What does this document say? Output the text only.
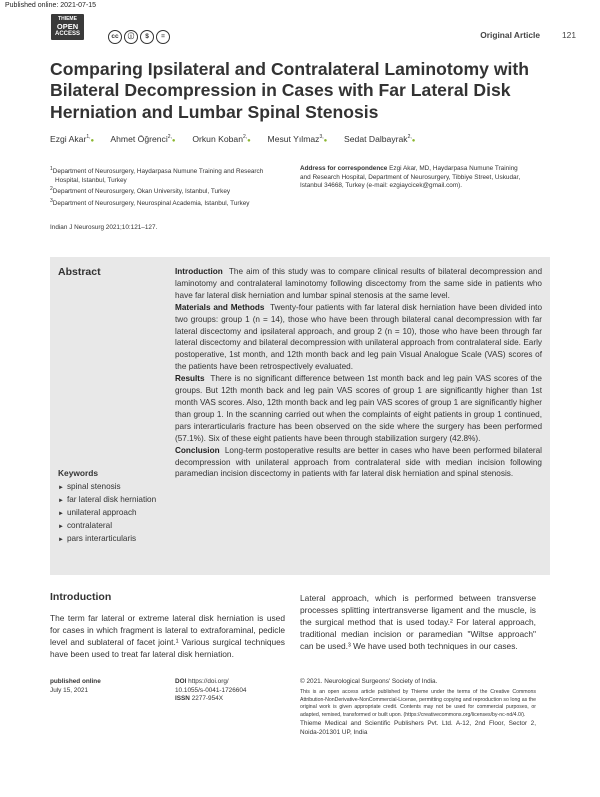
Published online: 2021-07-15
THIEME
OPEN
ACCESS	cc ⓘ $ =	Original Article	121
Comparing Ipsilateral and Contralateral Laminotomy with Bilateral Decompression in Cases with Far Lateral Disk Herniation and Lumbar Spinal Stenosis
Ezgi Akar$^{1,}$● Ahmet Öğrenci$^{2,}$● Orkun Koban$^{2,}$● Mesut Yılmaz$^{3,}$● Sedat Dalbayrak$^{2,}$●
$^1$Department of Neurosurgery, Haydarpasa Numune Training and Research Hospital, Istanbul, Turkey
$^2$Department of Neurosurgery, Okan University, Istanbul, Turkey
$^3$Department of Neurosurgery, Neurospinal Academia, Istanbul, Turkey
Address for correspondence Ezgi Akar, MD, Haydarpasa Numune Training and Research Hospital, Department of Neurosurgery, Tibbiye Street, Uskudar, Istanbul 34668, Turkey (e-mail: ezgiaycicek@gmail.com).
Indian J Neurosurg 2021;10:121–127.
Abstract	Introduction The aim of this study was to compare clinical results of bilateral decompression and laminotomy and contralateral laminotomy following discectomy from the same side in patients who have far lateral disk herniation and lumbar spinal stenosis at the same level.
Materials and Methods Twenty-four patients with far lateral disk herniation have been divided into two groups: group 1 (n = 14), those who have been through bilateral canal decompression with far lateral discectomy and ipsilateral approach, and group 2 (n = 10), those who have been through far lateral discectomy and bilateral decompression with unilateral approach from contralateral side. Early postoperative, 1st month, and 12th month back and leg pain Visual Analogue Scale (VAS) scores of the patients have been retrospectively evaluated.
Results There is no significant difference between 1st month back and leg pain VAS scores of the groups. But 12th month back and leg pain VAS scores of group 1 are significantly higher than 1st month VAS scores. Also, 12th month back and leg pain VAS scores of group 1 are significantly higher than group 1. In the scanning carried out when the complaints of eight patients in group 1 continued, pars interarticularis fracture has been observed on the side where the surgery has been performed (57.1%). Six of these eight patients have been through stabilization surgery (42.8%).
Conclusion Long-term postoperative results are better in cases who have been performed bilateral decompression with unilateral approach from contralateral side with median incision following paramedian incision discectomy in patients with far lateral disk herniation and spinal stenosis.
Keywords
► spinal stenosis
► far lateral disk herniation
► unilateral approach
► contralateral
► pars interarticularis
Introduction
The term far lateral or extreme lateral disk herniation is used for cases in which fragment is lateral to extraforaminal, pedicle level and sublateral of facet joint.¹ Various surgical techniques have been used to treat far lateral disk herniation.
Lateral approach, which is performed between transverse processes splitting intertransverse ligament and the muscle, is the surgical method that is used today.² For lateral approach, traditional median incision or paramedian "Wiltse approach" can be used.³ We have used both techniques in our cases.
published online
July 15, 2021
DOI https://doi.org/
10.1055/s-0041-1726604
ISSN 2277-954X
© 2021. Neurological Surgeons' Society of India.
This is an open access article published by Thieme under the terms of the Creative Commons Attribution-NonDerivative-NonCommercial-License, permitting copying and reproduction so long as the original work is given appropriate credit. Contents may not be used for commercial purposes, or adapted, remixed, transformed or built upon. (https://creativecommons.org/licenses/by-nc-nd/4.0/).
Thieme Medical and Scientific Publishers Pvt. Ltd. A-12, 2nd Floor, Sector 2, Noida-201301 UP, India
